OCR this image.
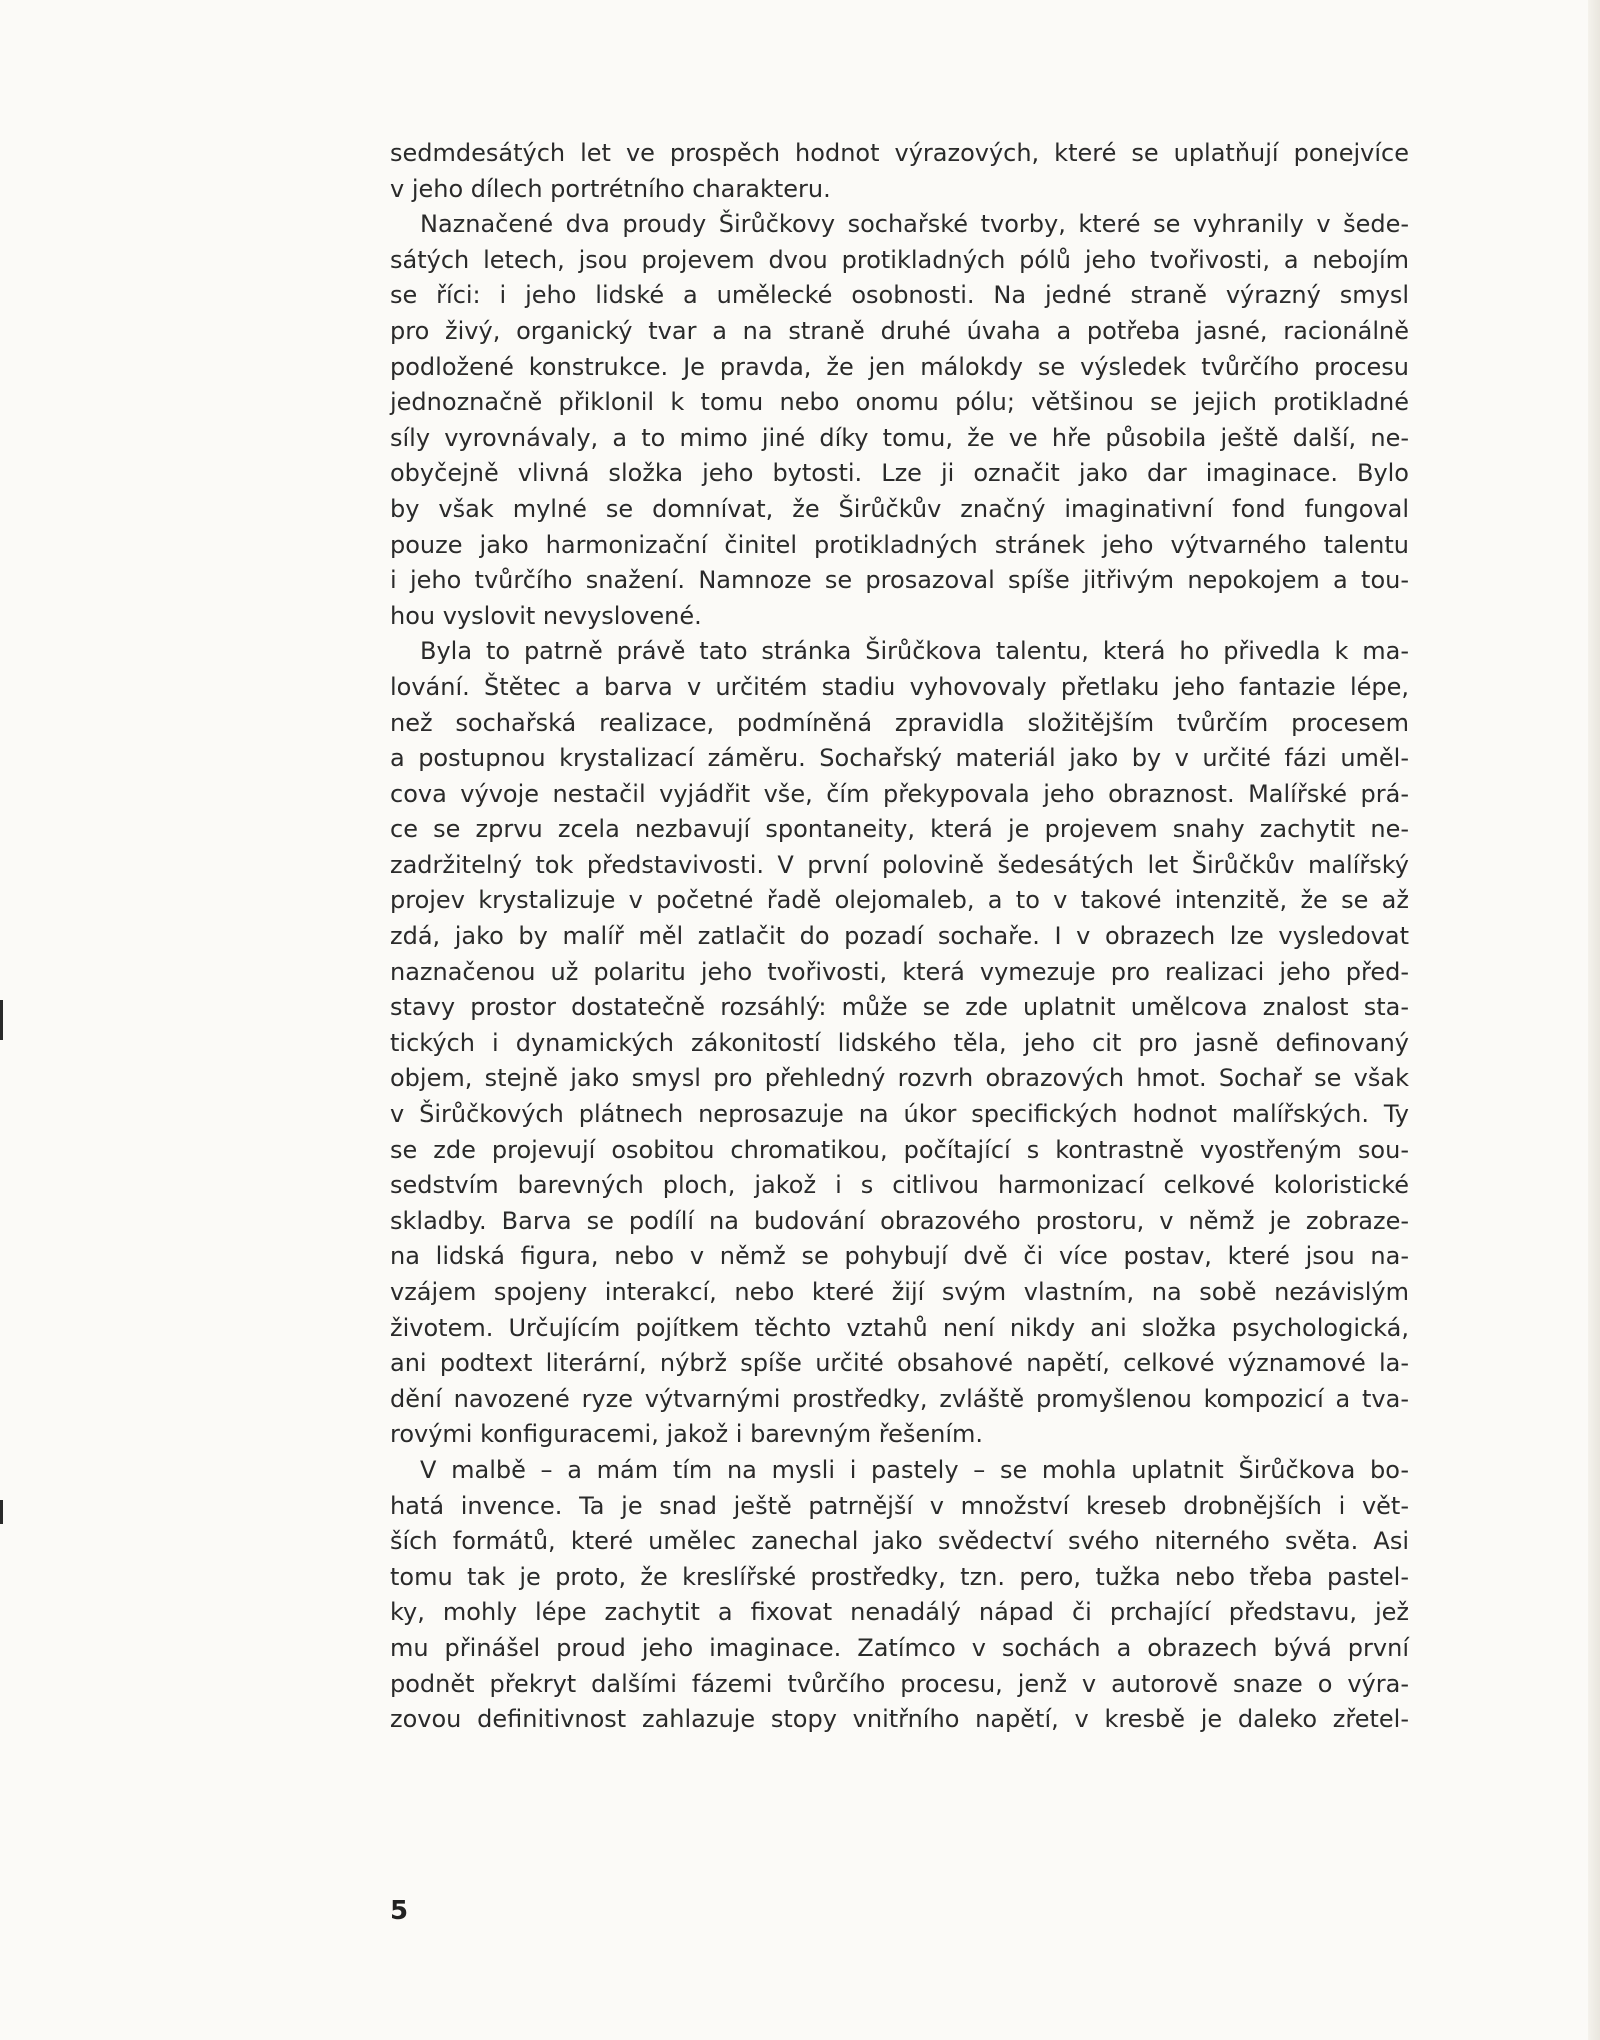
sedmdesátých let ve prospěch hodnot výrazových, které se uplatňují ponejvíce
v jeho dílech portrétního charakteru.
Naznačené dva proudy Širůčkovy sochařské tvorby, které se vyhranily v šede-
sátých letech, jsou projevem dvou protikladných pólů jeho tvořivosti, a nebojím
se říci: i jeho lidské a umělecké osobnosti. Na jedné straně výrazný smysl
pro živý, organický tvar a na straně druhé úvaha a potřeba jasné, racionálně
podložené konstrukce. Je pravda, že jen málokdy se výsledek tvůrčího procesu
jednoznačně přiklonil k tomu nebo onomu pólu; většinou se jejich protikladné
síly vyrovnávaly, a to mimo jiné díky tomu, že ve hře působila ještě další, ne-
obyčejně vlivná složka jeho bytosti. Lze ji označit jako dar imaginace. Bylo
by však mylné se domnívat, že Širůčkův značný imaginativní fond fungoval
pouze jako harmonizační činitel protikladných stránek jeho výtvarného talentu
i jeho tvůrčího snažení. Namnoze se prosazoval spíše jitřivým nepokojem a tou-
hou vyslovit nevyslovené.
Byla to patrně právě tato stránka Širůčkova talentu, která ho přivedla k ma-
lování. Štětec a barva v určitém stadiu vyhovovaly přetlaku jeho fantazie lépe,
než sochařská realizace, podmíněná zpravidla složitějším tvůrčím procesem
a postupnou krystalizací záměru. Sochařský materiál jako by v určité fázi uměl-
cova vývoje nestačil vyjádřit vše, čím překypovala jeho obraznost. Malířské prá-
ce se zprvu zcela nezbavují spontaneity, která je projevem snahy zachytit ne-
zadržitelný tok představivosti. V první polovině šedesátých let Širůčkův malířský
projev krystalizuje v početné řadě olejomaleb, a to v takové intenzitě, že se až
zdá, jako by malíř měl zatlačit do pozadí sochaře. I v obrazech lze vysledovat
naznačenou už polaritu jeho tvořivosti, která vymezuje pro realizaci jeho před-
stavy prostor dostatečně rozsáhlý: může se zde uplatnit umělcova znalost sta-
tických i dynamických zákonitostí lidského těla, jeho cit pro jasně definovaný
objem, stejně jako smysl pro přehledný rozvrh obrazových hmot. Sochař se však
v Širůčkových plátnech neprosazuje na úkor specifických hodnot malířských. Ty
se zde projevují osobitou chromatikou, počítající s kontrastně vyostřeným sou-
sedstvím barevných ploch, jakož i s citlivou harmonizací celkové koloristické
skladby. Barva se podílí na budování obrazového prostoru, v němž je zobraze-
na lidská figura, nebo v němž se pohybují dvě či více postav, které jsou na-
vzájem spojeny interakcí, nebo které žijí svým vlastním, na sobě nezávislým
životem. Určujícím pojítkem těchto vztahů není nikdy ani složka psychologická,
ani podtext literární, nýbrž spíše určité obsahové napětí, celkové významové la-
dění navozené ryze výtvarnými prostředky, zvláště promyšlenou kompozicí a tva-
rovými konfiguracemi, jakož i barevným řešením.
V malbě – a mám tím na mysli i pastely – se mohla uplatnit Širůčkova bo-
hatá invence. Ta je snad ještě patrnější v množství kreseb drobnějších i vět-
ších formátů, které umělec zanechal jako svědectví svého niterného světa. Asi
tomu tak je proto, že kreslířské prostředky, tzn. pero, tužka nebo třeba pastel-
ky, mohly lépe zachytit a fixovat nenadálý nápad či prchající představu, jež
mu přinášel proud jeho imaginace. Zatímco v sochách a obrazech bývá první
podnět překryt dalšími fázemi tvůrčího procesu, jenž v autorově snaze o výra-
zovou definitivnost zahlazuje stopy vnitřního napětí, v kresbě je daleko zřetel-
5
